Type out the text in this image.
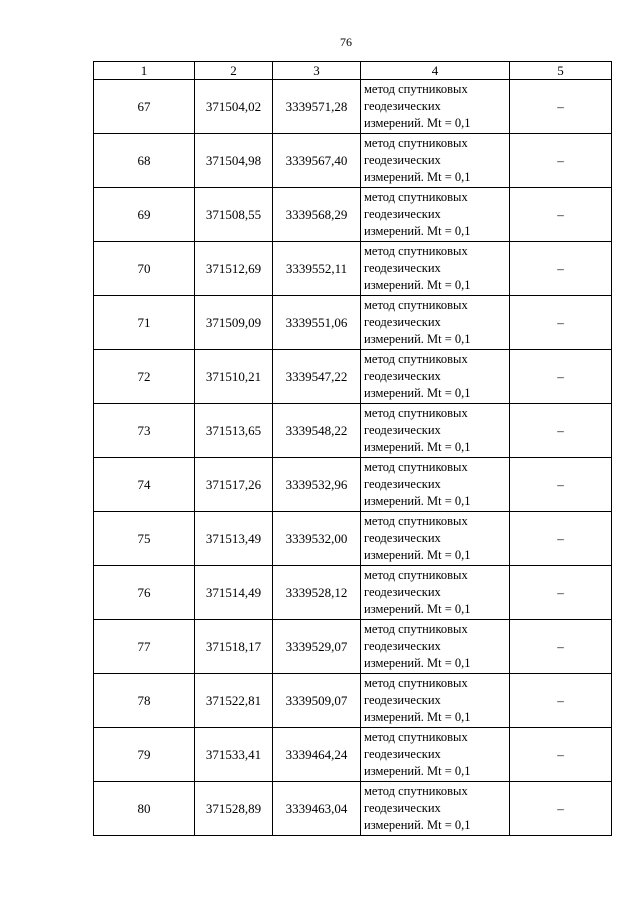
76
1	2	3	4	5
67	371504,02	3339571,28	метод спутниковых
геодезических
измерений. Mt = 0,1	–
68	371504,98	3339567,40	метод спутниковых
геодезических
измерений. Mt = 0,1	–
69	371508,55	3339568,29	метод спутниковых
геодезических
измерений. Mt = 0,1	–
70	371512,69	3339552,11	метод спутниковых
геодезических
измерений. Mt = 0,1	–
71	371509,09	3339551,06	метод спутниковых
геодезических
измерений. Mt = 0,1	–
72	371510,21	3339547,22	метод спутниковых
геодезических
измерений. Mt = 0,1	–
73	371513,65	3339548,22	метод спутниковых
геодезических
измерений. Mt = 0,1	–
74	371517,26	3339532,96	метод спутниковых
геодезических
измерений. Mt = 0,1	–
75	371513,49	3339532,00	метод спутниковых
геодезических
измерений. Mt = 0,1	–
76	371514,49	3339528,12	метод спутниковых
геодезических
измерений. Mt = 0,1	–
77	371518,17	3339529,07	метод спутниковых
геодезических
измерений. Mt = 0,1	–
78	371522,81	3339509,07	метод спутниковых
геодезических
измерений. Mt = 0,1	–
79	371533,41	3339464,24	метод спутниковых
геодезических
измерений. Mt = 0,1	–
80	371528,89	3339463,04	метод спутниковых
геодезических
измерений. Mt = 0,1	–
